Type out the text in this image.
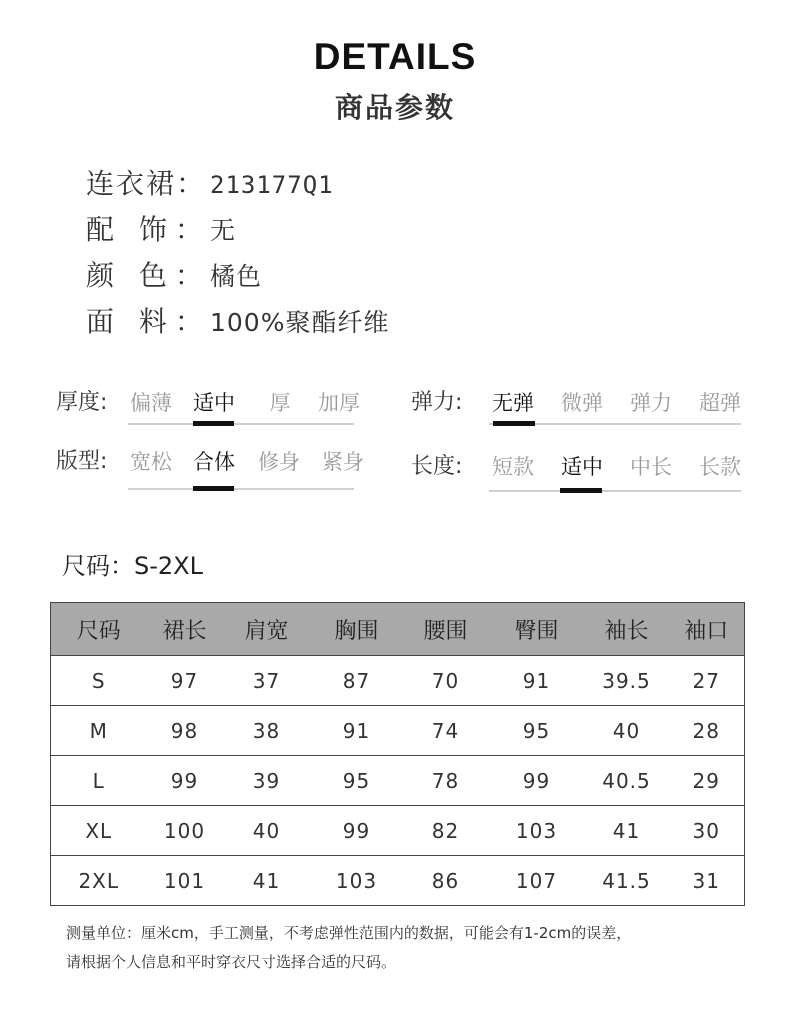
DETAILS
商品参数
连衣裙： 213177Q1
配 饰：无
颜 色：橘色
面 料：100%聚酯纤维
厚度: 偏薄 适中	厚	加厚 弹力: 无弹 微弹 弹力 超弹
版型: 宽松 合体 修身 紧身 长度: 短款 适中 中长 长款
尺码：S-2XL
尺码	裙长	肩宽	胸围	腰围	臀围	袖长	袖口
S	97	37	87	70	91	39.5	27
M	98	38	91	74	95	40	28
L	99	39	95	78	99	40.5	29
XL	100	40	99	82	103	41	30
2XL	101	41	103	86	107	41.5	31
测量单位：厘米cm，手工测量，不考虑弹性范围内的数据，可能会有1-2cm的误差，
请根据个人信息和平时穿衣尺寸选择合适的尺码。
